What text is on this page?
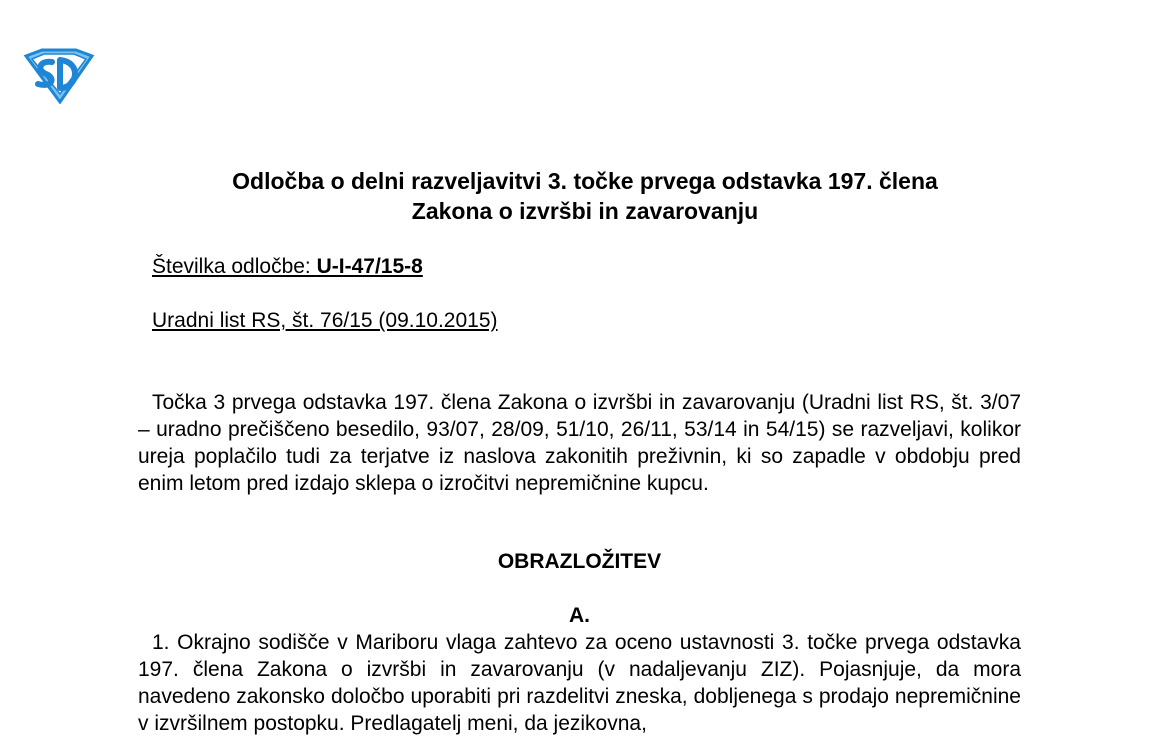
Odločba o delni razveljavitvi 3. točke prvega odstavka 197. člena
Zakona o izvršbi in zavarovanju

Številka odločbe: U-I-47/15-8

Uradni list RS, št. 76/15 (09.10.2015)

Točka 3 prvega odstavka 197. člena Zakona o izvršbi in zavarovanju (Uradni list RS, št. 3/07 – uradno prečiščeno besedilo, 93/07, 28/09, 51/10, 26/11, 53/14 in 54/15) se razveljavi, kolikor ureja poplačilo tudi za terjatve iz naslova zakonitih preživnin, ki so zapadle v obdobju pred enim letom pred izdajo sklepa o izročitvi nepremičnine kupcu.

OBRAZLOŽITEV
A.

1. Okrajno sodišče v Mariboru vlaga zahtevo za oceno ustavnosti 3. točke prvega odstavka 197. člena Zakona o izvršbi in zavarovanju (v nadaljevanju ZIZ). Pojasnjuje, da mora navedeno zakonsko določbo uporabiti pri razdelitvi zneska, dobljenega s prodajo nepremičnine v izvršilnem postopku. Predlagatelj meni, da jezikovna,
